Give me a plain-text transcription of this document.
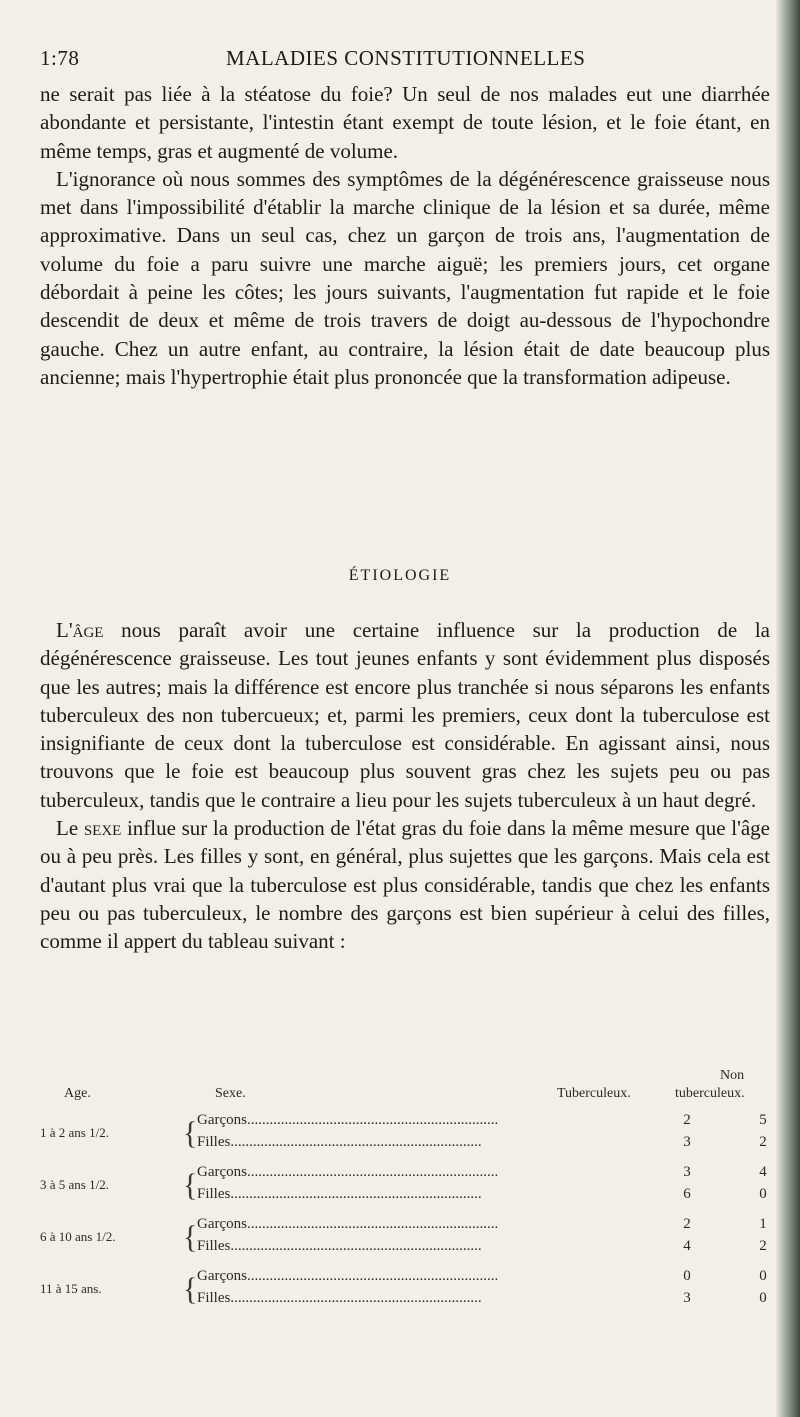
1:78	MALADIES CONSTITUTIONNELLES

ne serait pas liée à la stéatose du foie? Un seul de nos malades eut une diarrhée abondante et persistante, l'intestin étant exempt de toute lésion, et le foie étant, en même temps, gras et augmenté de volume.

L'ignorance où nous sommes des symptômes de la dégénérescence graisseuse nous met dans l'impossibilité d'établir la marche clinique de la lésion et sa durée, même approximative. Dans un seul cas, chez un garçon de trois ans, l'augmentation de volume du foie a paru suivre une marche aiguë; les premiers jours, cet organe débordait à peine les côtes; les jours suivants, l'augmentation fut rapide et le foie descendit de deux et même de trois travers de doigt au-dessous de l'hypochondre gauche. Chez un autre enfant, au contraire, la lésion était de date beaucoup plus ancienne; mais l'hypertrophie était plus prononcée que la transformation adipeuse.

ÉTIOLOGIE

L'âge nous paraît avoir une certaine influence sur la production de la dégénérescence graisseuse. Les tout jeunes enfants y sont évidemment plus disposés que les autres; mais la différence est encore plus tranchée si nous séparons les enfants tuberculeux des non tubercueux; et, parmi les premiers, ceux dont la tuberculose est insignifiante de ceux dont la tuberculose est considérable. En agissant ainsi, nous trouvons que le foie est beaucoup plus souvent gras chez les sujets peu ou pas tuberculeux, tandis que le contraire a lieu pour les sujets tuberculeux à un haut degré.

Le sexe influe sur la production de l'état gras du foie dans la même mesure que l'âge ou à peu près. Les filles y sont, en général, plus sujettes que les garçons. Mais cela est d'autant plus vrai que la tuberculose est plus considérable, tandis que chez les enfants peu ou pas tuberculeux, le nombre des garçons est bien supérieur à celui des filles, comme il appert du tableau suivant :

Non
Age.	Sexe.	Tuberculeux.	tuberculeux.
1 à 2 ans 1/2. { Garçons...................................................................	2	5
Filles...................................................................	3	2
3 à 5 ans 1/2. { Garçons...................................................................	3	4
Filles...................................................................	6	0
6 à 10 ans 1/2. { Garçons...................................................................	2	1
Filles...................................................................	4	2
11 à 15 ans.	{ Garçons...................................................................	0	0
Filles...................................................................	3	0
